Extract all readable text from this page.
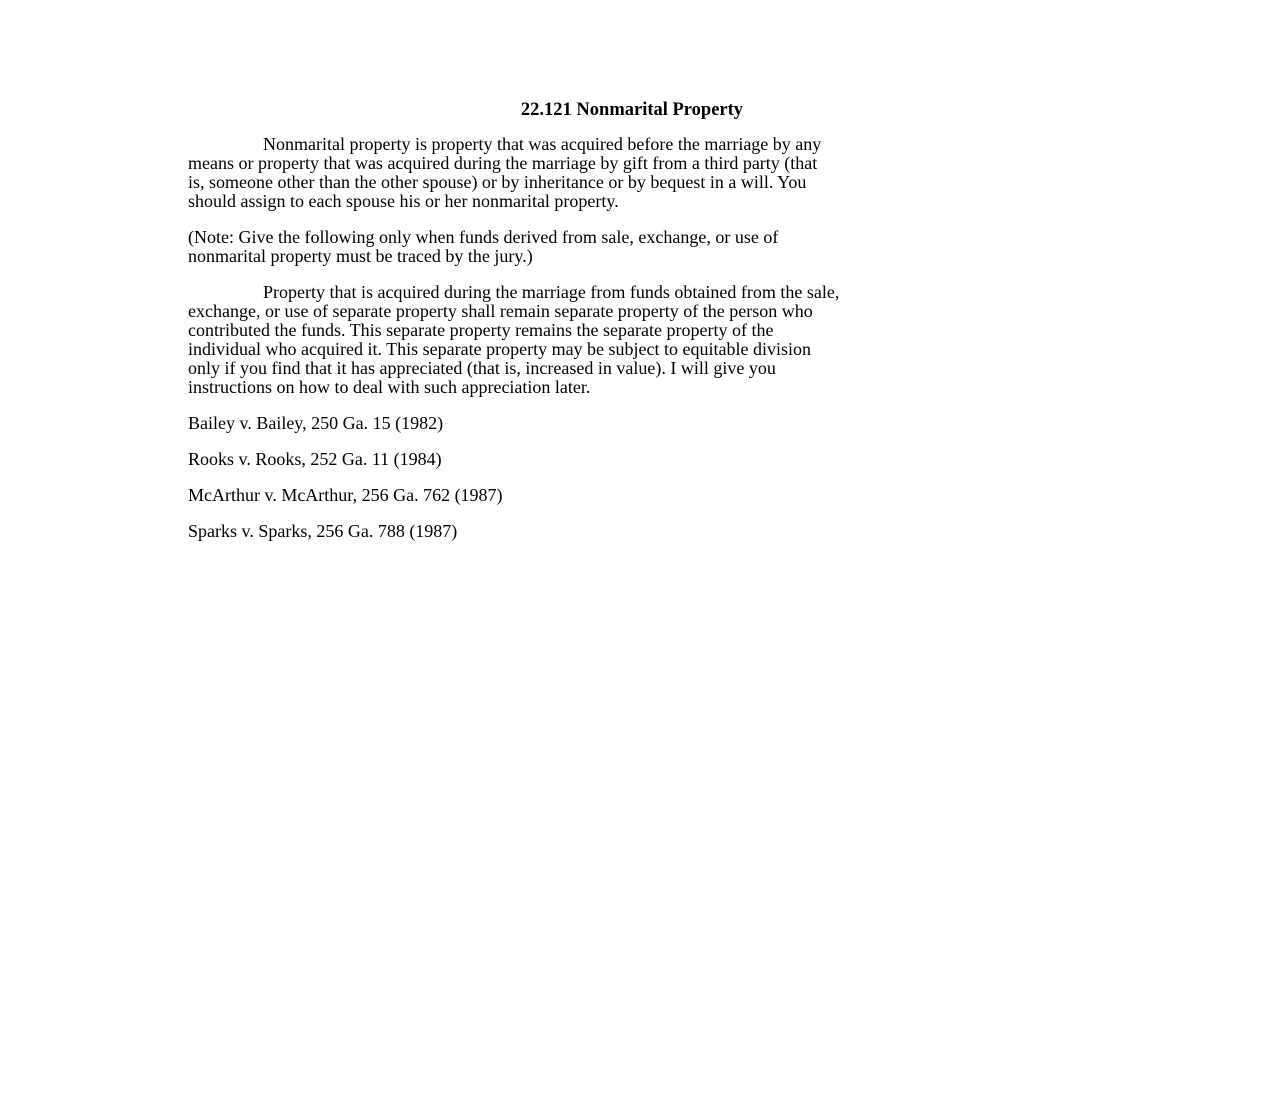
22.121 Nonmarital Property
Nonmarital property is property that was acquired before the marriage by any
means or property that was acquired during the marriage by gift from a third party (that
is, someone other than the other spouse) or by inheritance or by bequest in a will. You
should assign to each spouse his or her nonmarital property.
(Note: Give the following only when funds derived from sale, exchange, or use of
nonmarital property must be traced by the jury.)
Property that is acquired during the marriage from funds obtained from the sale,
exchange, or use of separate property shall remain separate property of the person who
contributed the funds. This separate property remains the separate property of the
individual who acquired it. This separate property may be subject to equitable division
only if you find that it has appreciated (that is, increased in value). I will give you
instructions on how to deal with such appreciation later.
Bailey v. Bailey, 250 Ga. 15 (1982)
Rooks v. Rooks, 252 Ga. 11 (1984)
McArthur v. McArthur, 256 Ga. 762 (1987)
Sparks v. Sparks, 256 Ga. 788 (1987)
